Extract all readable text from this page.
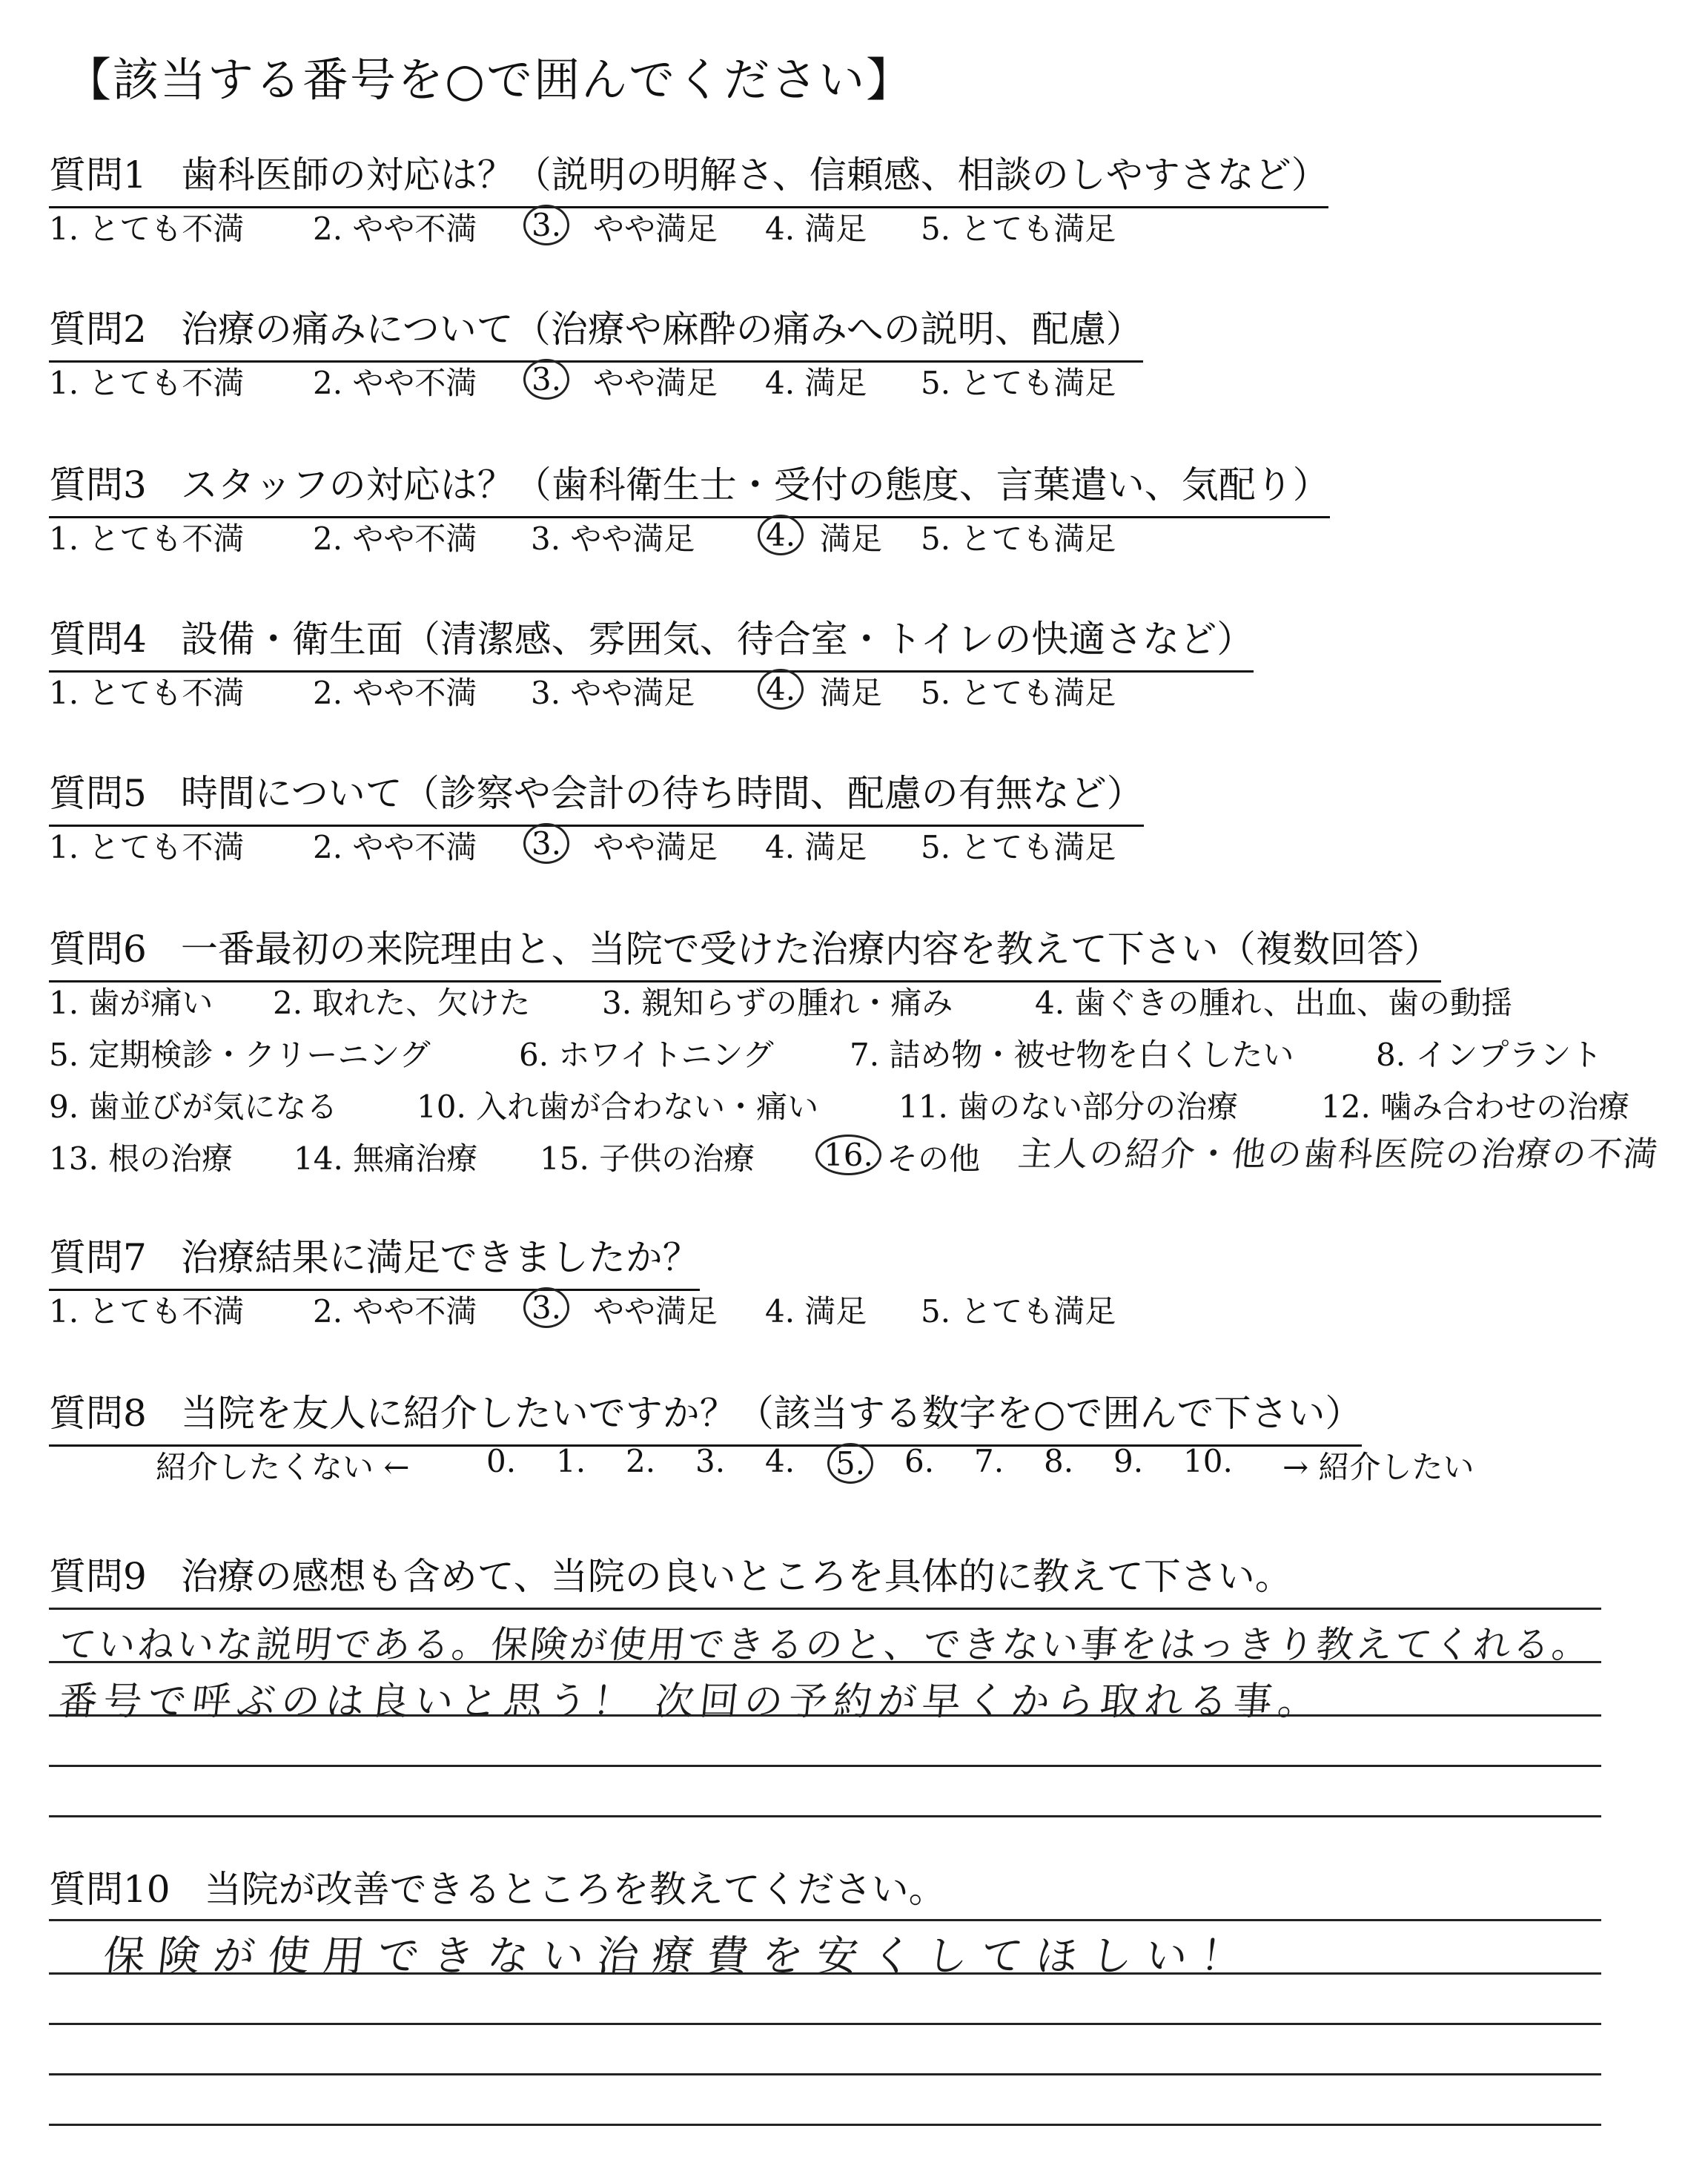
【該当する番号を○で囲んでください】
質問1 歯科医師の対応は？（説明の明解さ、信頼感、相談のしやすさなど）
1. とても不満 2. やや不満 3. やや満足 4. 満足 5. とても満足
質問2 治療の痛みについて（治療や麻酔の痛みへの説明、配慮）
1. とても不満 2. やや不満 3. やや満足 4. 満足 5. とても満足
質問3 スタッフの対応は？（歯科衛生士・受付の態度、言葉遣い、気配り）
1. とても不満 2. やや不満 3. やや満足 4. 満足 5. とても満足
質問4 設備・衛生面（清潔感、雰囲気、待合室・トイレの快適さなど）
1. とても不満 2. やや不満 3. やや満足 4. 満足 5. とても満足
質問5 時間について（診察や会計の待ち時間、配慮の有無など）
1. とても不満 2. やや不満 3. やや満足 4. 満足 5. とても満足
質問6 一番最初の来院理由と、当院で受けた治療内容を教えて下さい（複数回答）
1. 歯が痛い 2. 取れた、欠けた 3. 親知らずの腫れ・痛み	4. 歯ぐきの腫れ、出血、歯の動揺
5. 定期検診・クリーニング	6. ホワイトニング 7. 詰め物・被せ物を白くしたい	8. インプラント
9. 歯並びが気になる	10. 入れ歯が合わない・痛い	11. 歯のない部分の治療	12. 噛み合わせの治療
13. 根の治療 14. 無痛治療 15. 子供の治療 16. その他 主人の紹介・他の歯科医院の治療の不満
質問7 治療結果に満足できましたか？
1. とても不満 2. やや不満 3. やや満足 4. 満足 5. とても満足
質問8 当院を友人に紹介したいですか？（該当する数字を○で囲んで下さい）
紹介したくない ← 0. 1. 2. 3. 4. 5. 6. 7. 8. 9. 10. → 紹介したい
質問9 治療の感想も含めて、当院の良いところを具体的に教えて下さい。
ていねいな説明である。保険が使用できるのと、できない事をはっきり教えてくれる。
番号で呼ぶのは良いと思う！ 次回の予約が早くから取れる事。
質問10 当院が改善できるところを教えてください。
保険が使用できない治療費を安くしてほしい！
